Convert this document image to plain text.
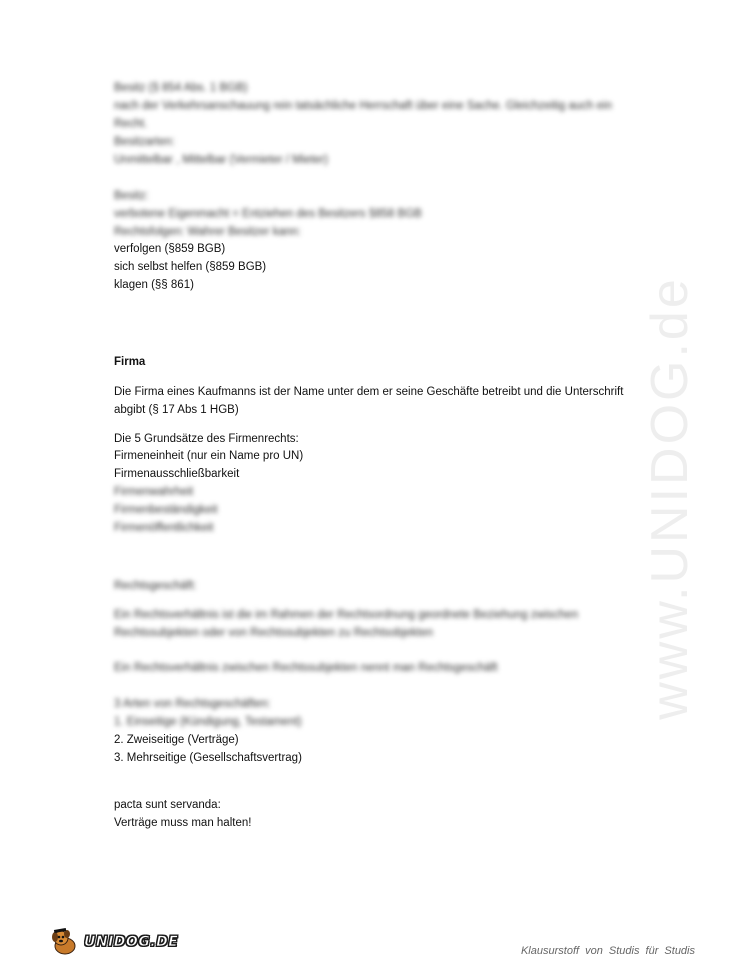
www.UNIDOG.de
Besitz (§ 854 Abs. 1 BGB)
nach der Verkehrsanschauung rein tatsächliche Herrschaft über eine Sache. Gleichzeitig auch ein
Recht.
Besitzarten:
Unmittelbar , Mittelbar (Vermieter / Mieter)
Besitz:
verbotene Eigenmacht = Entziehen des Besitzers §858 BGB
Rechtsfolgen: Wahrer Besitzer kann:
verfolgen (§859 BGB)
sich selbst helfen (§859 BGB)
klagen (§§ 861)
Firma
Die Firma eines Kaufmanns ist der Name unter dem er seine Geschäfte betreibt und die Unterschrift
abgibt (§ 17 Abs 1 HGB)
Die 5 Grundsätze des Firmenrechts:
Firmeneinheit (nur ein Name pro UN)
Firmenausschließbarkeit
Firmenwahrheit
Firmenbeständigkeit
Firmenöffentlichkeit
Rechtsgeschäft:
Ein Rechtsverhältnis ist die im Rahmen der Rechtsordnung geordnete Beziehung zwischen
Rechtssubjekten oder von Rechtssubjekten zu Rechtsobjekten
Ein Rechtsverhältnis zwischen Rechtssubjekten nennt man Rechtsgeschäft
3 Arten von Rechtsgeschäften:
1. Einseitige (Kündigung, Testament)
2. Zweiseitige (Verträge)
3. Mehrseitige (Gesellschaftsvertrag)
pacta sunt servanda:
Verträge muss man halten!
UNIDOG.DE
Klausurstoff von Studis für Studis
